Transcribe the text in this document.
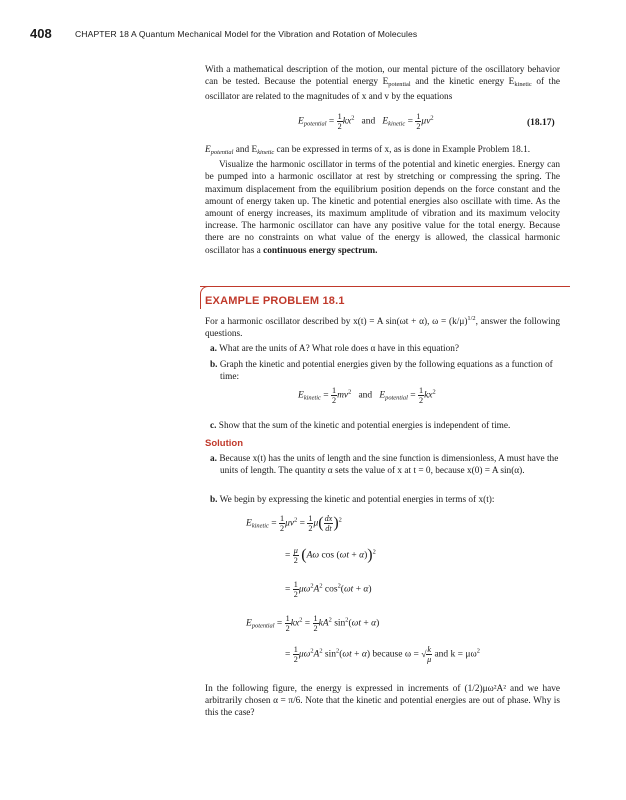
408	CHAPTER 18 A Quantum Mechanical Model for the Vibration and Rotation of Molecules

With a mathematical description of the motion, our mental picture of the oscillatory behavior can be tested. Because the potential energy $E_{potential}$ and the kinetic energy $E_{kinetic}$ of the oscillator are related to the magnitudes of x and v by the equations

$E_{potential} = \frac{1}{2} kx^2$   and   $E_{kinetic} = \frac{1}{2} \mu v^2$	(18.17)

$E_{potential}$ and $E_{kinetic}$ can be expressed in terms of x, as is done in Example Problem 18.1.

Visualize the harmonic oscillator in terms of the potential and kinetic energies. Energy can be pumped into a harmonic oscillator at rest by stretching or compressing the spring. The maximum displacement from the equilibrium position depends on the force constant and the amount of energy taken up. The kinetic and potential energies also oscillate with time. As the amount of energy increases, its maximum amplitude of vibration and its maximum velocity increase. The harmonic oscillator can have any positive value for the total energy. Because there are no constraints on what value of the energy is allowed, the classical harmonic oscillator has a continuous energy spectrum.

EXAMPLE PROBLEM 18.1

For a harmonic oscillator described by x(t) = A sin(ωt + α), $\omega = (k/\mu)^{1/2}$, answer the following questions.

a. What are the units of A? What role does α have in this equation?
b. Graph the kinetic and potential energies given by the following equations as a function of time:
$E_{kinetic} = \frac{1}{2} mv^2$ and $E_{potential} = \frac{1}{2} kx^2$
c. Show that the sum of the kinetic and potential energies is independent of time.
Solution
a. Because x(t) has the units of length and the sine function is dimensionless, A must have the units of length. The quantity α sets the value of x at t = 0, because x(0) = A sin(α).
b. We begin by expressing the kinetic and potential energies in terms of x(t):
$E_{kinetic} = \frac{1}{2} \mu v^2 = \frac{1}{2} \mu( \frac{dx}{dt} )^2$
= $\frac{\mu}{2} (A\omega$ cos (ωt + α))$^2$
= $\frac{1}{2} \mu\omega^2A^2$ $\cos^2(\omega t + \alpha)$
$E_{potential} = \frac{1}{2} kx^2 = \frac{1}{2} kA^2$ $\sin^2(\omega t + \alpha)$
= $\frac{1}{2} \mu\omega^2A^2$ $\sin^2(\omega t + \alpha)$ because ω = √ $\frac{k}{\mu}$ and $k = \mu\omega^2$
In the following figure, the energy is expressed in increments of (1/2)μω²A² and we have arbitrarily chosen α = π/6. Note that the kinetic and potential energies are out of phase. Why is this the case?
